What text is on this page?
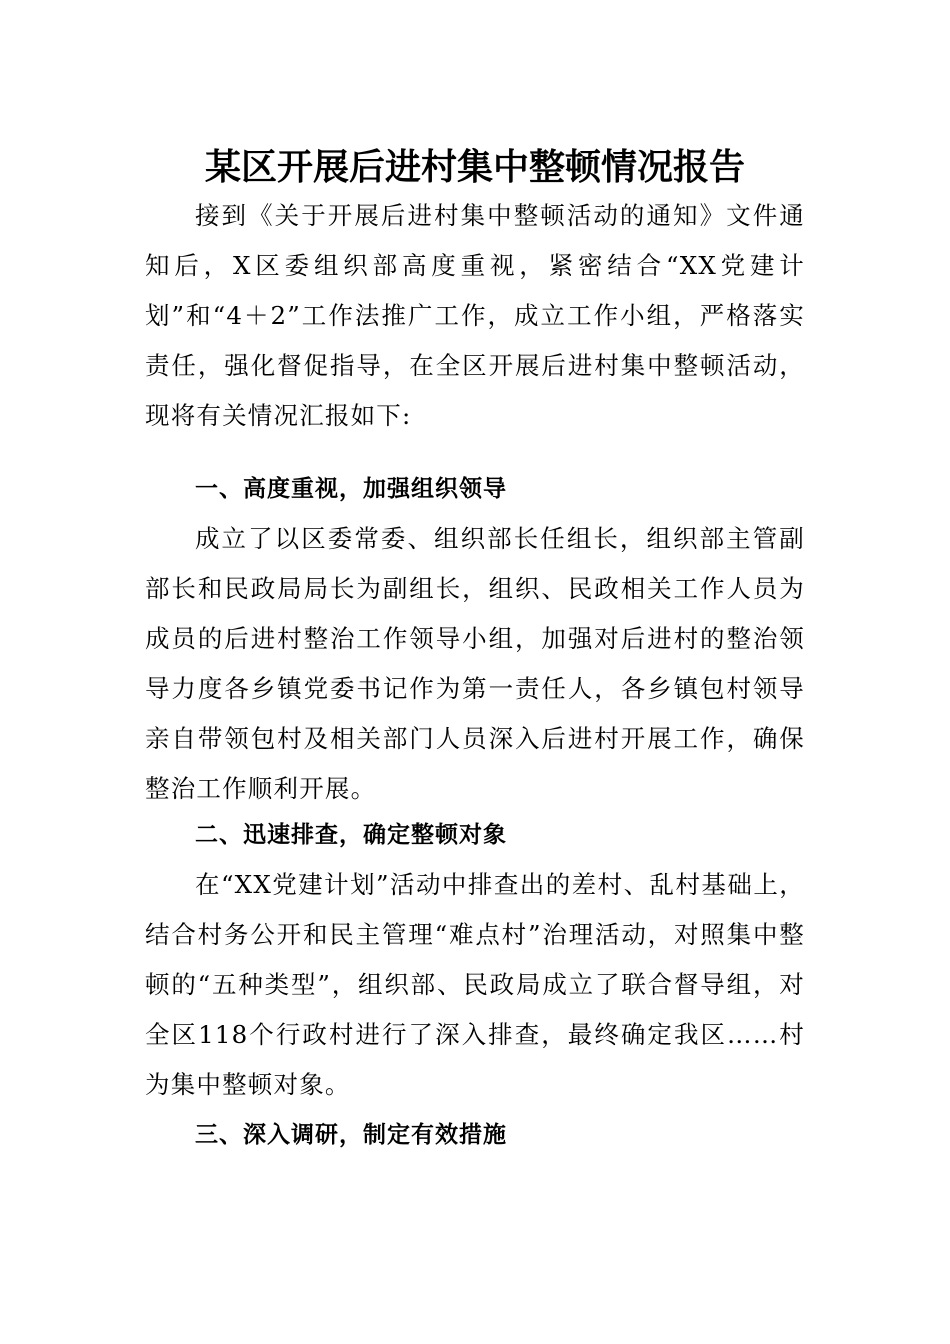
某区开展后进村集中整顿情况报告

接到《关于开展后进村集中整顿活动的通知》文件通知后，X区委组织部高度重视，紧密结合“XX党建计划”和“4＋2”工作法推广工作，成立工作小组，严格落实责任，强化督促指导，在全区开展后进村集中整顿活动，现将有关情况汇报如下:

一、高度重视，加强组织领导

成立了以区委常委、组织部长任组长，组织部主管副部长和民政局局长为副组长，组织、民政相关工作人员为成员的后进村整治工作领导小组，加强对后进村的整治领导力度各乡镇党委书记作为第一责任人，各乡镇包村领导亲自带领包村及相关部门人员深入后进村开展工作，确保整治工作顺利开展。

二、迅速排查，确定整顿对象

在“XX党建计划”活动中排查出的差村、乱村基础上，结合村务公开和民主管理“难点村”治理活动，对照集中整顿的“五种类型”，组织部、民政局成立了联合督导组，对全区118个行政村进行了深入排查，最终确定我区……村为集中整顿对象。

三、深入调研，制定有效措施
